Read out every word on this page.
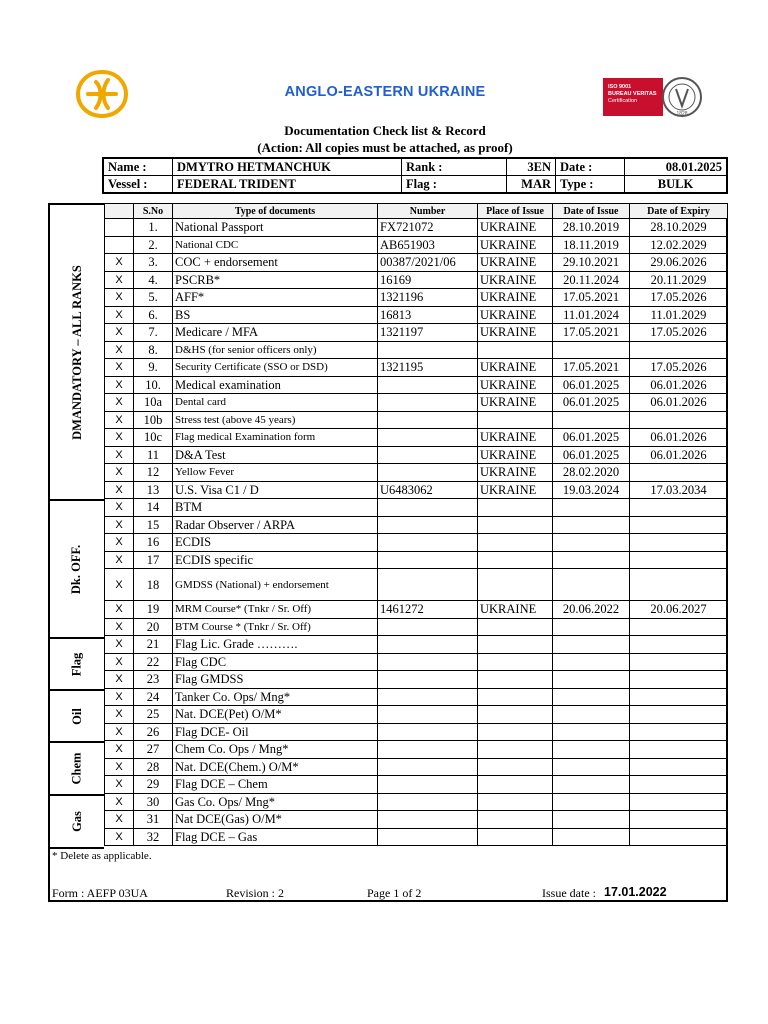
ANGLO-EASTERN UKRAINE	ISO 9001
BUREAU VERITAS
Certification
1828
Documentation Check list & Record
(Action: All copies must be attached, as proof)
Name :	DMYTRO HETMANCHUK	Rank :	3EN	Date :	08.01.2025
Vessel :	FEDERAL TRIDENT	Flag :	MAR	Type :	BULK
DMANDATORY – ALL RANKS
Dk. OFF.
Flag
Oil
Chem
Gas
	S.No	Type of documents	Number	Place of Issue	Date of Issue	Date of Expiry
	1.	National Passport	FX721072	UKRAINE	28.10.2019	28.10.2029
	2.	National CDC	AB651903	UKRAINE	18.11.2019	12.02.2029
X	3.	COC + endorsement	00387/2021/06	UKRAINE	29.10.2021	29.06.2026
X	4.	PSCRB*	16169	UKRAINE	20.11.2024	20.11.2029
X	5.	AFF*	1321196	UKRAINE	17.05.2021	17.05.2026
X	6.	BS	16813	UKRAINE	11.01.2024	11.01.2029
X	7.	Medicare / MFA	1321197	UKRAINE	17.05.2021	17.05.2026
X	8.	D&HS (for senior officers only)				
X	9.	Security Certificate (SSO or DSD)	1321195	UKRAINE	17.05.2021	17.05.2026
X	10.	Medical examination		UKRAINE	06.01.2025	06.01.2026
X	10a	Dental card		UKRAINE	06.01.2025	06.01.2026
X	10b	Stress test (above 45 years)				
X	10c	Flag medical Examination form		UKRAINE	06.01.2025	06.01.2026
X	11	D&A Test		UKRAINE	06.01.2025	06.01.2026
X	12	Yellow Fever		UKRAINE	28.02.2020	
X	13	U.S. Visa C1 / D	U6483062	UKRAINE	19.03.2024	17.03.2034
X	14	BTM				
X	15	Radar Observer / ARPA				
X	16	ECDIS				
X	17	ECDIS specific				
X	18	GMDSS (National) + endorsement				
X	19	MRM Course* (Tnkr / Sr. Off)	1461272	UKRAINE	20.06.2022	20.06.2027
X	20	BTM Course * (Tnkr / Sr. Off)				
X	21	Flag Lic. Grade ……….				
X	22	Flag CDC				
X	23	Flag GMDSS				
X	24	Tanker Co. Ops/ Mng*				
X	25	Nat. DCE(Pet) O/M*				
X	26	Flag DCE- Oil				
X	27	Chem Co. Ops / Mng*				
X	28	Nat. DCE(Chem.) O/M*				
X	29	Flag DCE – Chem				
X	30	Gas Co. Ops/ Mng*				
X	31	Nat DCE(Gas) O/M*				
X	32	Flag DCE – Gas				
* Delete as applicable.
Form : AEFP 03UA	Revision : 2	Page 1 of 2	Issue date : 17.01.2022
